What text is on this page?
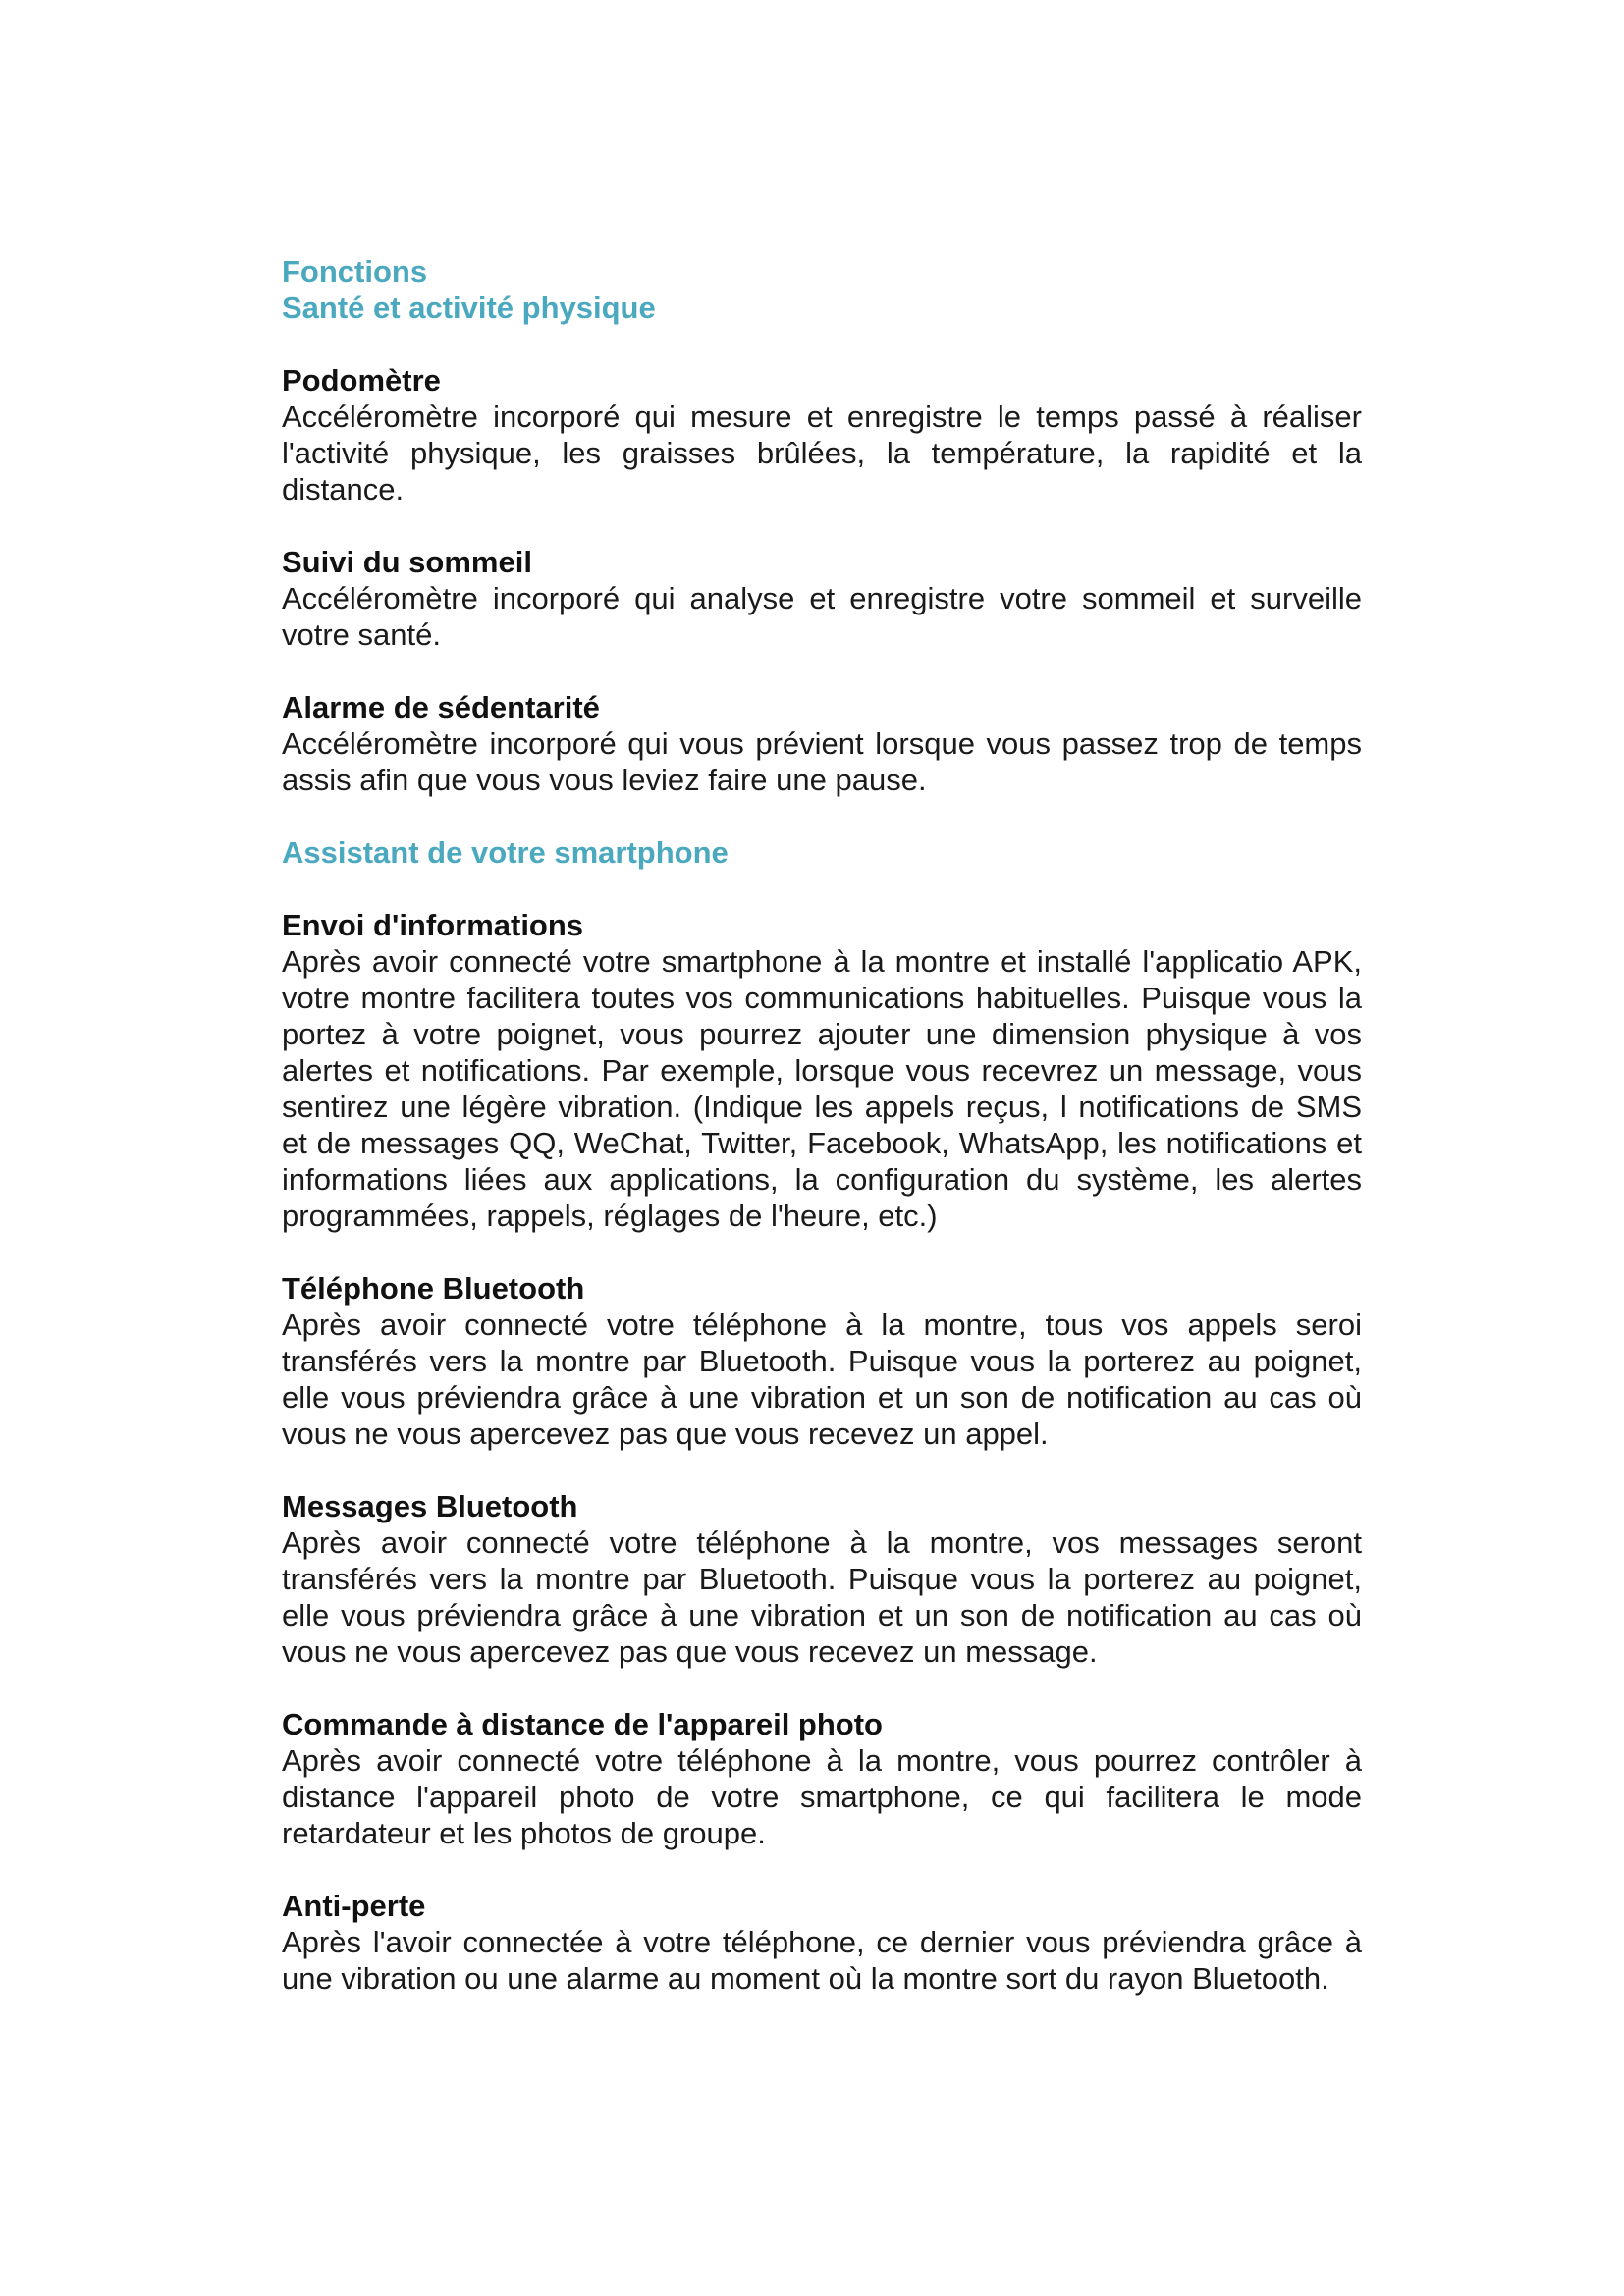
Fonctions
Santé et activité physique
Podomètre

Accéléromètre incorporé qui mesure et enregistre le temps passé à réaliser l'activité physique, les graisses brûlées, la température, la rapidité et la distance.

Suivi du sommeil

Accéléromètre incorporé qui analyse et enregistre votre sommeil et surveille votre santé.

Alarme de sédentarité

Accéléromètre incorporé qui vous prévient lorsque vous passez trop de temps assis afin que vous vous leviez faire une pause.

Assistant de votre smartphone
Envoi d'informations

Après avoir connecté votre smartphone à la montre et installé l'applicatio APK, votre montre facilitera toutes vos communications habituelles. Puisque vous la portez à votre poignet, vous pourrez ajouter une dimension physique à vos alertes et notifications. Par exemple, lorsque vous recevrez un message, vous sentirez une légère vibration. (Indique les appels reçus, l notifications de SMS et de messages QQ, WeChat, Twitter, Facebook, WhatsApp, les notifications et informations liées aux applications, la configuration du système, les alertes programmées, rappels, réglages de l'heure, etc.)

Téléphone Bluetooth

Après avoir connecté votre téléphone à la montre, tous vos appels seroi transférés vers la montre par Bluetooth. Puisque vous la porterez au poignet, elle vous préviendra grâce à une vibration et un son de notification au cas où vous ne vous apercevez pas que vous recevez un appel.

Messages Bluetooth

Après avoir connecté votre téléphone à la montre, vos messages seront transférés vers la montre par Bluetooth. Puisque vous la porterez au poignet, elle vous préviendra grâce à une vibration et un son de notification au cas où vous ne vous apercevez pas que vous recevez un message.

Commande à distance de l'appareil photo

Après avoir connecté votre téléphone à la montre, vous pourrez contrôler à distance l'appareil photo de votre smartphone, ce qui facilitera le mode retardateur et les photos de groupe.

Anti-perte

Après l'avoir connectée à votre téléphone, ce dernier vous préviendra grâce à une vibration ou une alarme au moment où la montre sort du rayon Bluetooth.
